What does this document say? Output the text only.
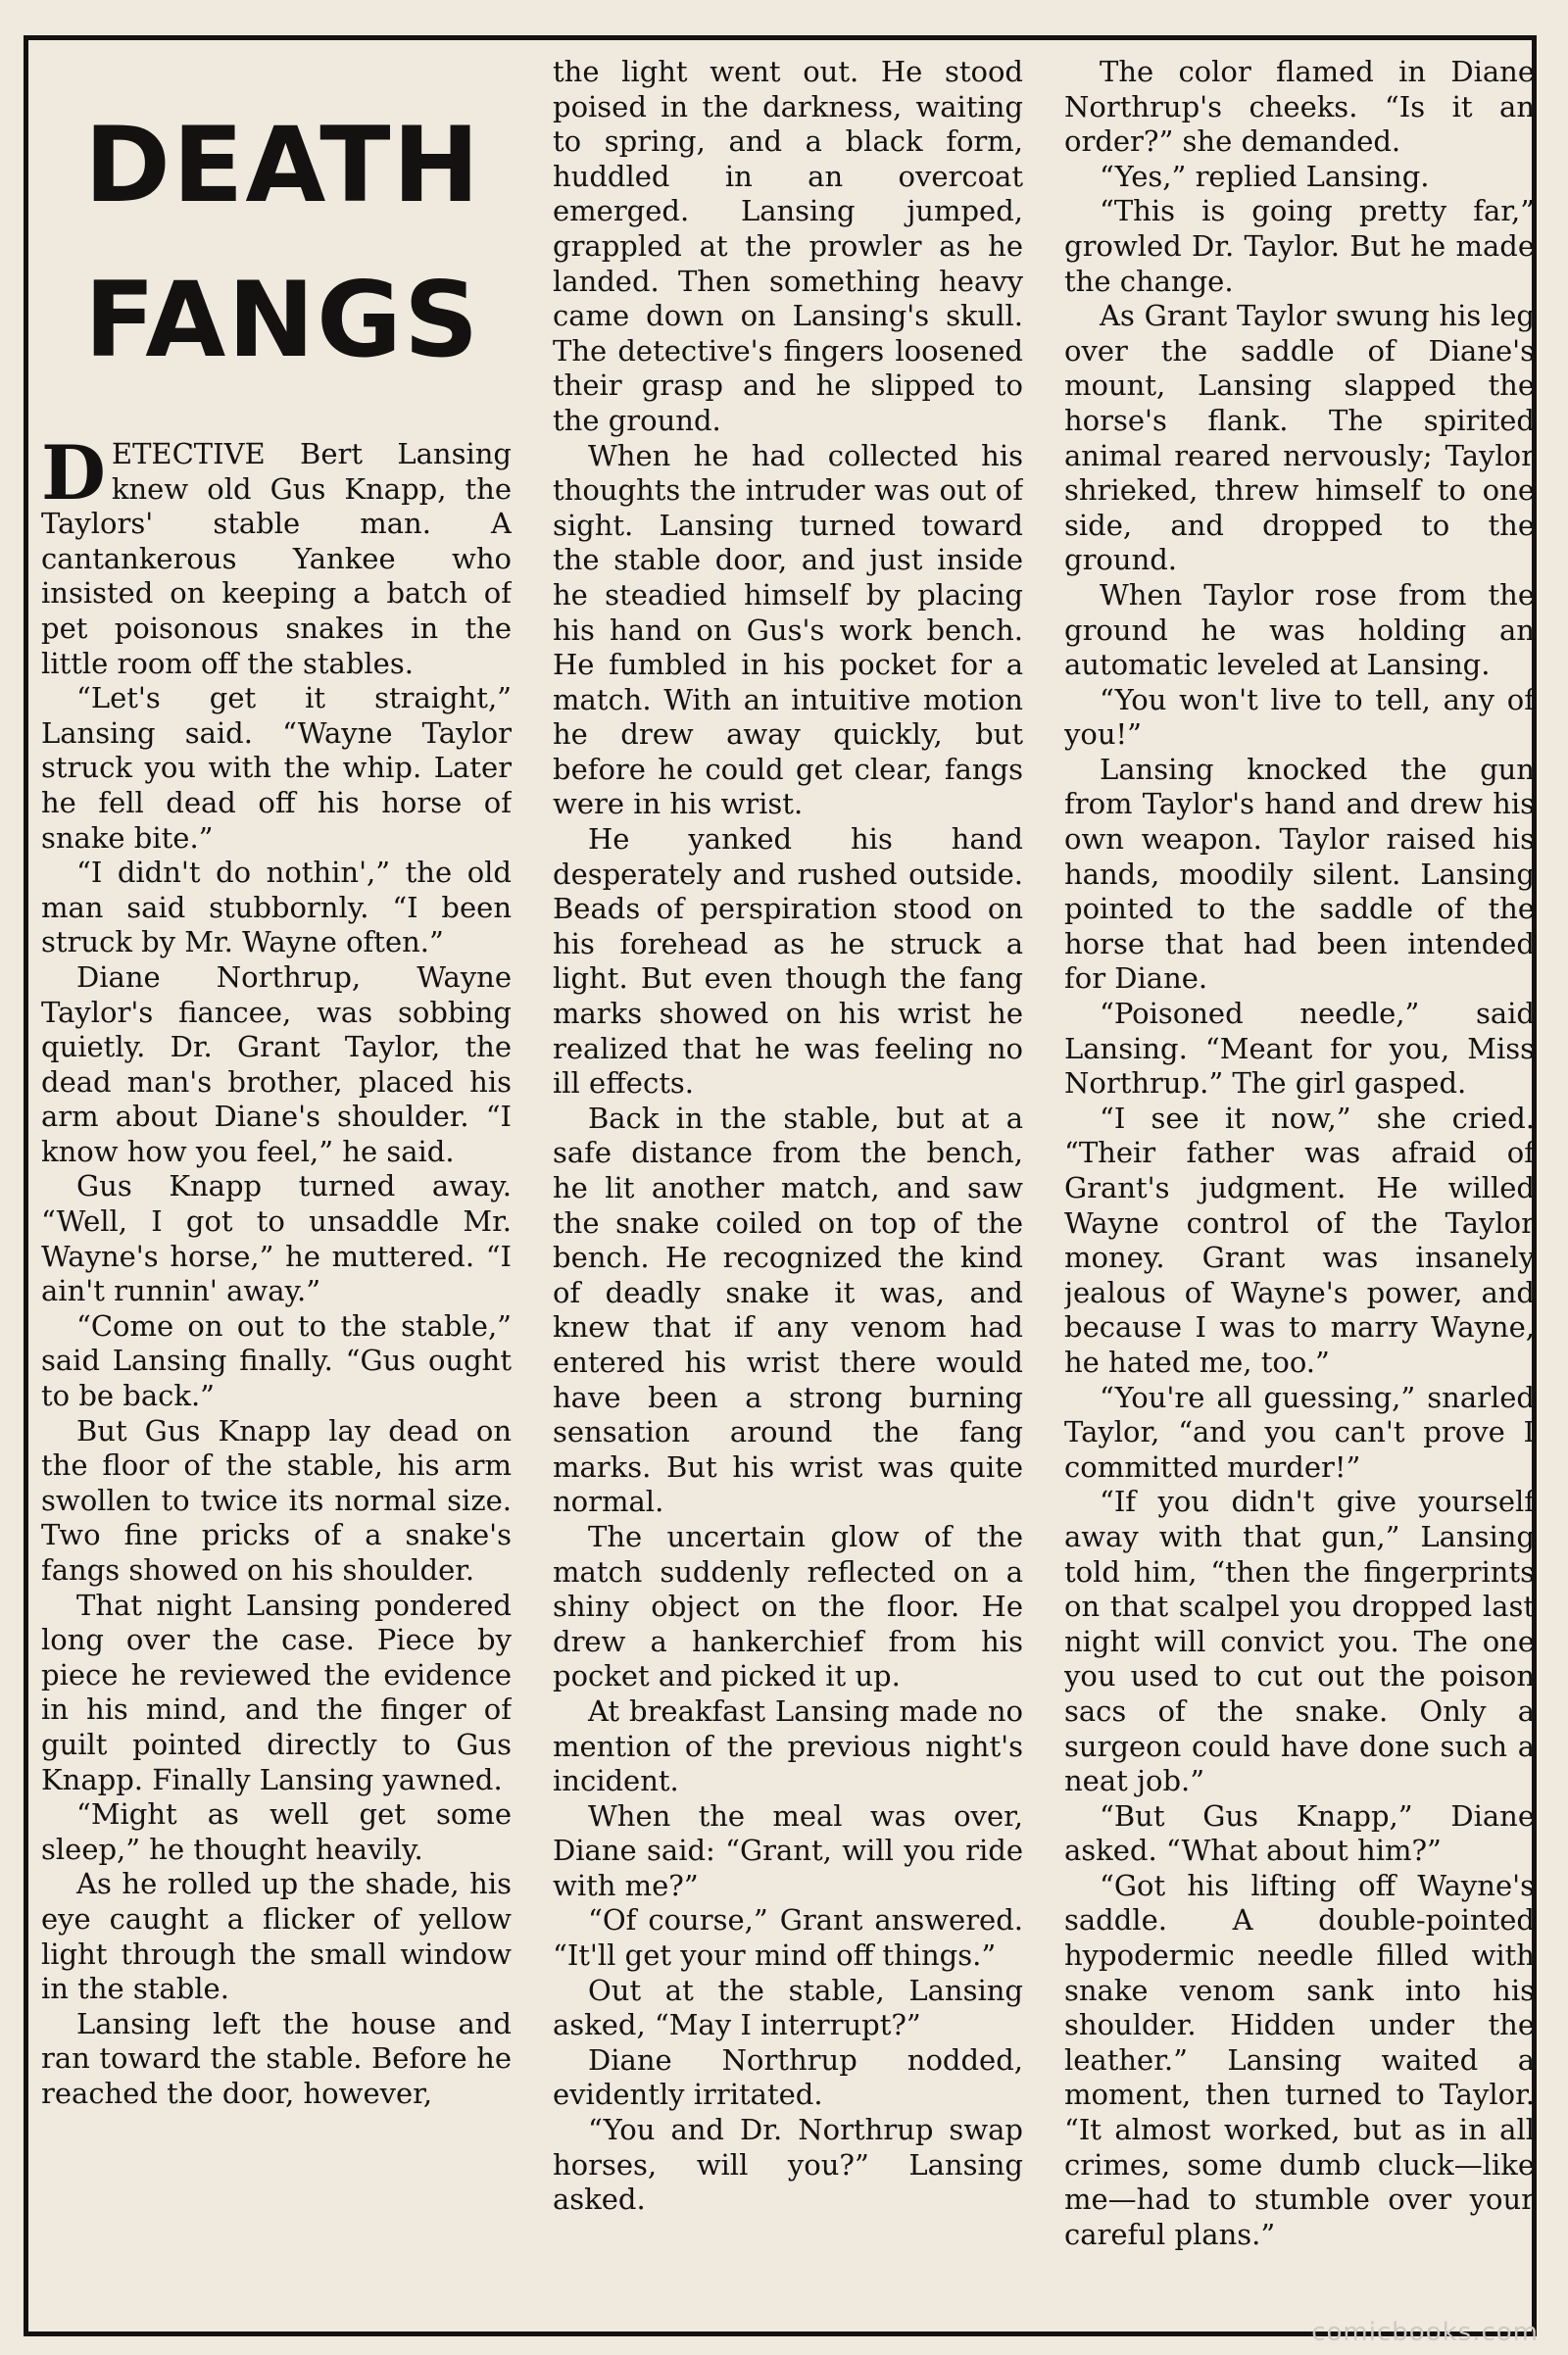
DEATH
FANGS

DETECTIVE Bert Lansing knew old Gus Knapp, the Taylors' stable man. A cantankerous Yankee who insisted on keeping a batch of pet poisonous snakes in the little room off the stables.

“Let's get it straight,” Lansing said. “Wayne Taylor struck you with the whip. Later he fell dead off his horse of snake bite.”

“I didn't do nothin',” the old man said stubbornly. “I been struck by Mr. Wayne often.”

Diane Northrup, Wayne Taylor's fiancee, was sobbing quietly. Dr. Grant Taylor, the dead man's brother, placed his arm about Diane's shoulder. “I know how you feel,” he said.

Gus Knapp turned away. “Well, I got to unsaddle Mr. Wayne's horse,” he muttered. “I ain't runnin' away.”

“Come on out to the stable,” said Lansing finally. “Gus ought to be back.”

But Gus Knapp lay dead on the floor of the stable, his arm swollen to twice its normal size. Two fine pricks of a snake's fangs showed on his shoulder.

That night Lansing pondered long over the case. Piece by piece he reviewed the evidence in his mind, and the finger of guilt pointed directly to Gus Knapp. Finally Lansing yawned.

“Might as well get some sleep,” he thought heavily.

As he rolled up the shade, his eye caught a flicker of yellow light through the small window in the stable.

Lansing left the house and ran toward the stable. Before he reached the door, however,

the light went out. He stood poised in the darkness, waiting to spring, and a black form, huddled in an overcoat emerged. Lansing jumped, grappled at the prowler as he landed. Then something heavy came down on Lansing's skull. The detective's fingers loosened their grasp and he slipped to the ground.

When he had collected his thoughts the intruder was out of sight. Lansing turned toward the stable door, and just inside he steadied himself by placing his hand on Gus's work bench. He fumbled in his pocket for a match. With an intuitive motion he drew away quickly, but before he could get clear, fangs were in his wrist.

He yanked his hand desperately and rushed outside. Beads of perspiration stood on his forehead as he struck a light. But even though the fang marks showed on his wrist he realized that he was feeling no ill effects.

Back in the stable, but at a safe distance from the bench, he lit another match, and saw the snake coiled on top of the bench. He recognized the kind of deadly snake it was, and knew that if any venom had entered his wrist there would have been a strong burning sensation around the fang marks. But his wrist was quite normal.

The uncertain glow of the match suddenly reflected on a shiny object on the floor. He drew a hankerchief from his pocket and picked it up.

At breakfast Lansing made no mention of the previous night's incident.

When the meal was over, Diane said: “Grant, will you ride with me?”

“Of course,” Grant answered. “It'll get your mind off things.”

Out at the stable, Lansing asked, “May I interrupt?”

Diane Northrup nodded, evidently irritated.

“You and Dr. Northrup swap horses, will you?” Lansing asked.

The color flamed in Diane Northrup's cheeks. “Is it an order?” she demanded.

“Yes,” replied Lansing.

“This is going pretty far,” growled Dr. Taylor. But he made the change.

As Grant Taylor swung his leg over the saddle of Diane's mount, Lansing slapped the horse's flank. The spirited animal reared nervously; Taylor shrieked, threw himself to one side, and dropped to the ground.

When Taylor rose from the ground he was holding an automatic leveled at Lansing.

“You won't live to tell, any of you!”

Lansing knocked the gun from Taylor's hand and drew his own weapon. Taylor raised his hands, moodily silent. Lansing pointed to the saddle of the horse that had been intended for Diane.

“Poisoned needle,” said Lansing. “Meant for you, Miss Northrup.” The girl gasped.

“I see it now,” she cried. “Their father was afraid of Grant's judgment. He willed Wayne control of the Taylor money. Grant was insanely jealous of Wayne's power, and because I was to marry Wayne, he hated me, too.”

“You're all guessing,” snarled Taylor, “and you can't prove I committed murder!”

“If you didn't give yourself away with that gun,” Lansing told him, “then the fingerprints on that scalpel you dropped last night will convict you. The one you used to cut out the poison sacs of the snake. Only a surgeon could have done such a neat job.”

“But Gus Knapp,” Diane asked. “What about him?”

“Got his lifting off Wayne's saddle. A double-pointed hypodermic needle filled with snake venom sank into his shoulder. Hidden under the leather.” Lansing waited a moment, then turned to Taylor. “It almost worked, but as in all crimes, some dumb cluck—like me—had to stumble over your careful plans.”

comicbooks.com
